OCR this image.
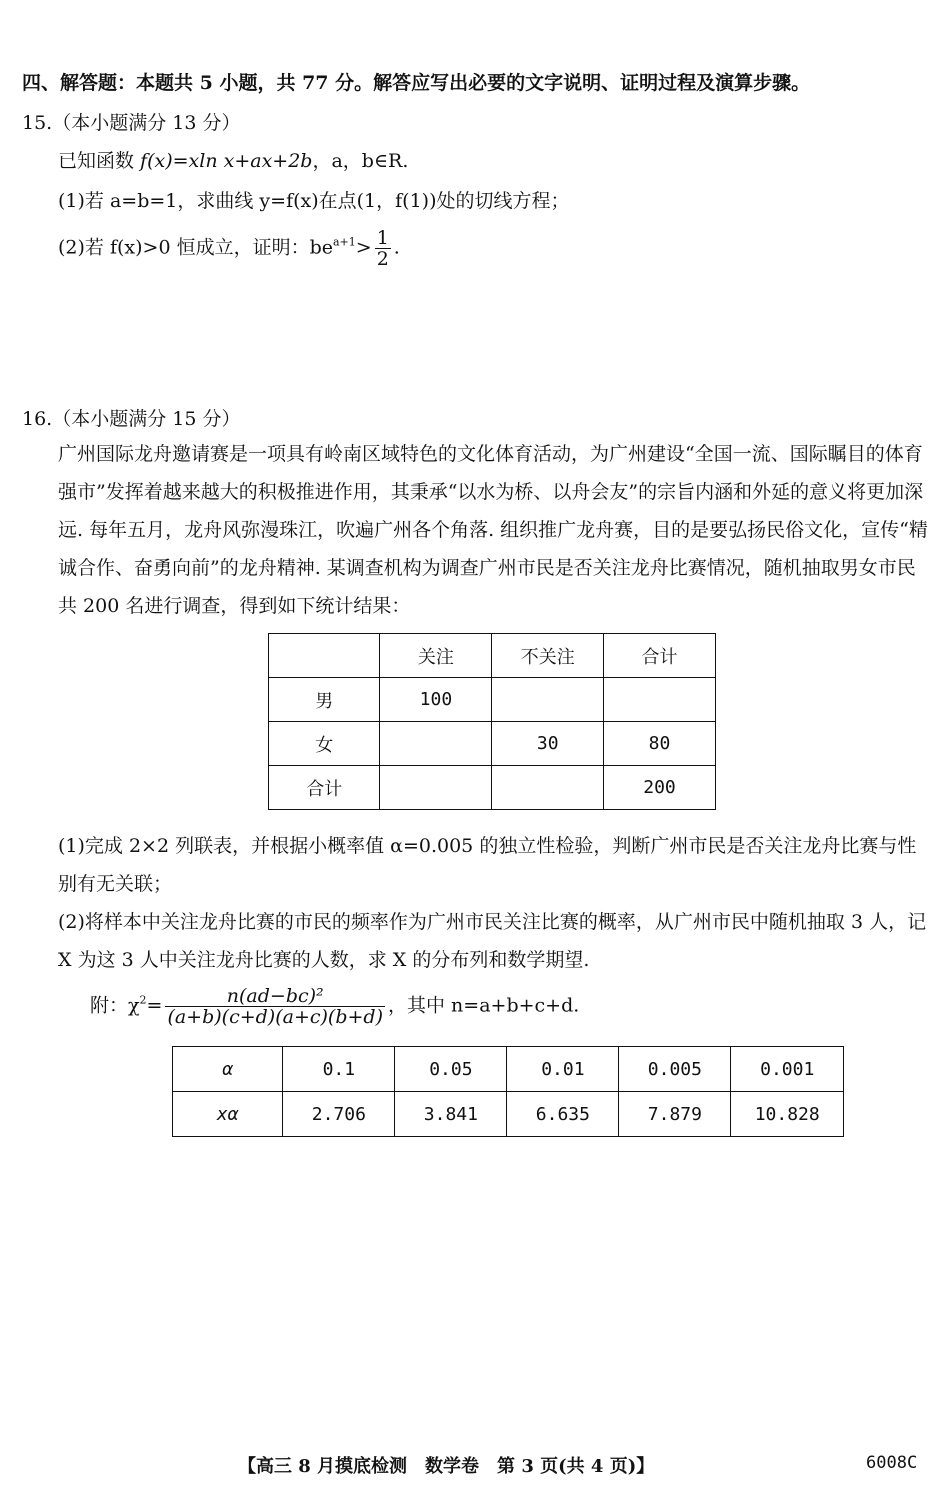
四、解答题：本题共 5 小题，共 77 分。解答应写出必要的文字说明、证明过程及演算步骤。
15.（本小题满分 13 分）
已知函数 f(x)=xln x+ax+2b，a，b∈R.
(1)若 a=b=1，求曲线 y=f(x)在点(1，f(1))处的切线方程；
(2)若 f(x)>0 恒成立，证明：$be^{a+1}> \frac{1}{2}$ .
16.（本小题满分 15 分）
广州国际龙舟邀请赛是一项具有岭南区域特色的文化体育活动，为广州建设“全国一流、国际瞩目的体育强市”发挥着越来越大的积极推进作用，其秉承“以水为桥、以舟会友”的宗旨内涵和外延的意义将更加深远. 每年五月，龙舟风弥漫珠江，吹遍广州各个角落. 组织推广龙舟赛，目的是要弘扬民俗文化，宣传“精诚合作、奋勇向前”的龙舟精神. 某调查机构为调查广州市民是否关注龙舟比赛情况，随机抽取男女市民共 200 名进行调查，得到如下统计结果：
	关注	不关注	合计
男	100		
女		30	80
合计			200
(1)完成 2×2 列联表，并根据小概率值 α=0.005 的独立性检验，判断广州市民是否关注龙舟比赛与性别有无关联；
(2)将样本中关注龙舟比赛的市民的频率作为广州市民关注比赛的概率，从广州市民中随机抽取 3 人，记 X 为这 3 人中关注龙舟比赛的人数，求 X 的分布列和数学期望.
附：$\chi^2= \frac{\text{n(ad−bc)²}}{(a+b)(c+d)(a+c)(b+d)}$ ，其中 n=a+b+c+d.
α	0.1	0.05	0.01	0.005	0.001
xα	2.706	3.841	6.635	7.879	10.828
【高三 8 月摸底检测　数学卷　第 3 页(共 4 页)】	6008C
